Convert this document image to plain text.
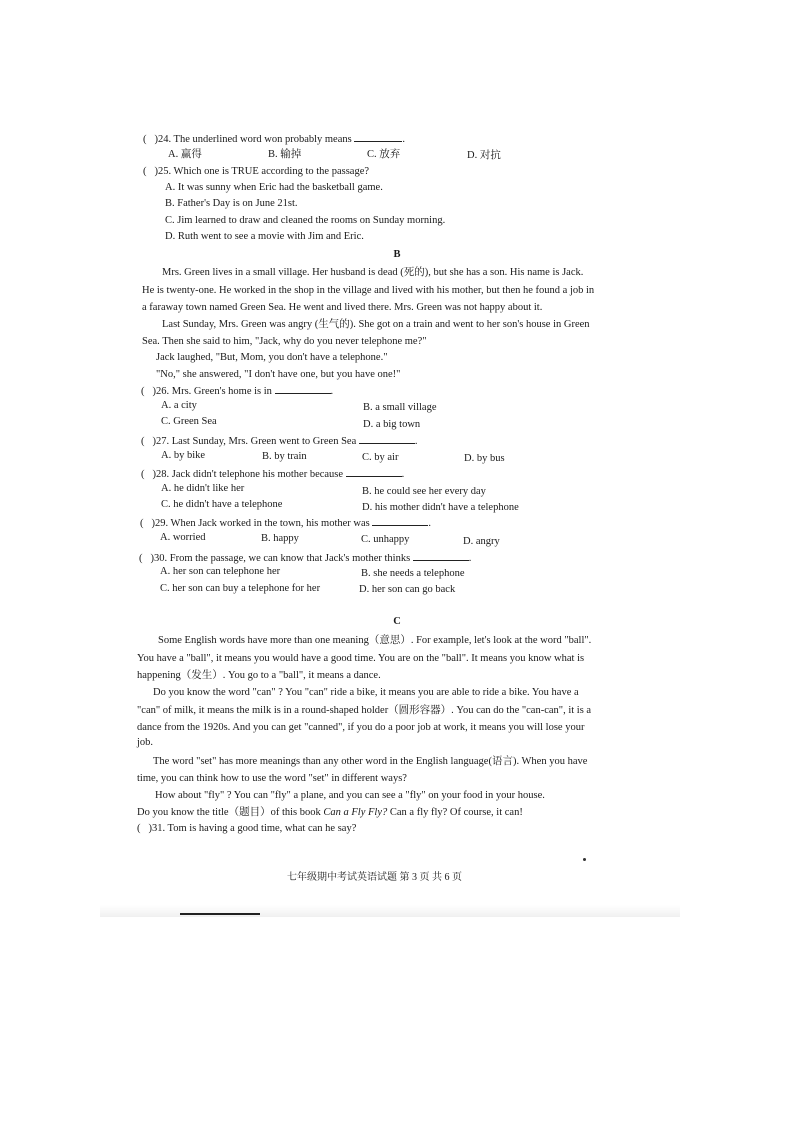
( )24. The underlined word won probably means	.
A. 赢得	B. 输掉	C. 放弃	D. 对抗
( )25. Which one is TRUE according to the passage?
A. It was sunny when Eric had the basketball game.
B. Father's Day is on June 21st.
C. Jim learned to draw and cleaned the rooms on Sunday morning.
D. Ruth went to see a movie with Jim and Eric.
B
Mrs. Green lives in a small village. Her husband is dead (死的), but she has a son. His name is Jack.
He is twenty-one. He worked in the shop in the village and lived with his mother, but then he found a job in
a faraway town named Green Sea. He went and lived there. Mrs. Green was not happy about it.
Last Sunday, Mrs. Green was angry (生气的). She got on a train and went to her son's house in Green
Sea. Then she said to him, "Jack, why do you never telephone me?"
Jack laughed, "But, Mom, you don't have a telephone."
"No," she answered, "I don't have one, but you have one!"
( )26. Mrs. Green's home is in	.
A. a city	B. a small village
C. Green Sea	D. a big town
( )27. Last Sunday, Mrs. Green went to Green Sea	.
A. by bike	B. by train	C. by air	D. by bus
( )28. Jack didn't telephone his mother because	.
A. he didn't like her	B. he could see her every day
C. he didn't have a telephone	D. his mother didn't have a telephone
( )29. When Jack worked in the town, his mother was	.
A. worried	B. happy	C. unhappy	D. angry
( )30. From the passage, we can know that Jack's mother thinks	.
A. her son can telephone her	B. she needs a telephone
C. her son can buy a telephone for her	D. her son can go back
C
Some English words have more than one meaning（意思）. For example, let's look at the word "ball".
You have a "ball", it means you would have a good time. You are on the "ball". It means you know what is
happening（发生）. You go to a "ball", it means a dance.
Do you know the word "can" ? You "can" ride a bike, it means you are able to ride a bike. You have a
"can" of milk, it means the milk is in a round-shaped holder（圆形容器）. You can do the "can-can", it is a
dance from the 1920s. And you can get "canned", if you do a poor job at work, it means you will lose your
job.
The word "set" has more meanings than any other word in the English language(语言). When you have
time, you can think how to use the word "set" in different ways?
How about "fly" ? You can "fly" a plane, and you can see a "fly" on your food in your house.
Do you know the title（题目）of this book Can a Fly Fly? Can a fly fly? Of course, it can!
( )31. Tom is having a good time, what can he say?
七年级期中考试英语试题 第 3 页 共 6 页
